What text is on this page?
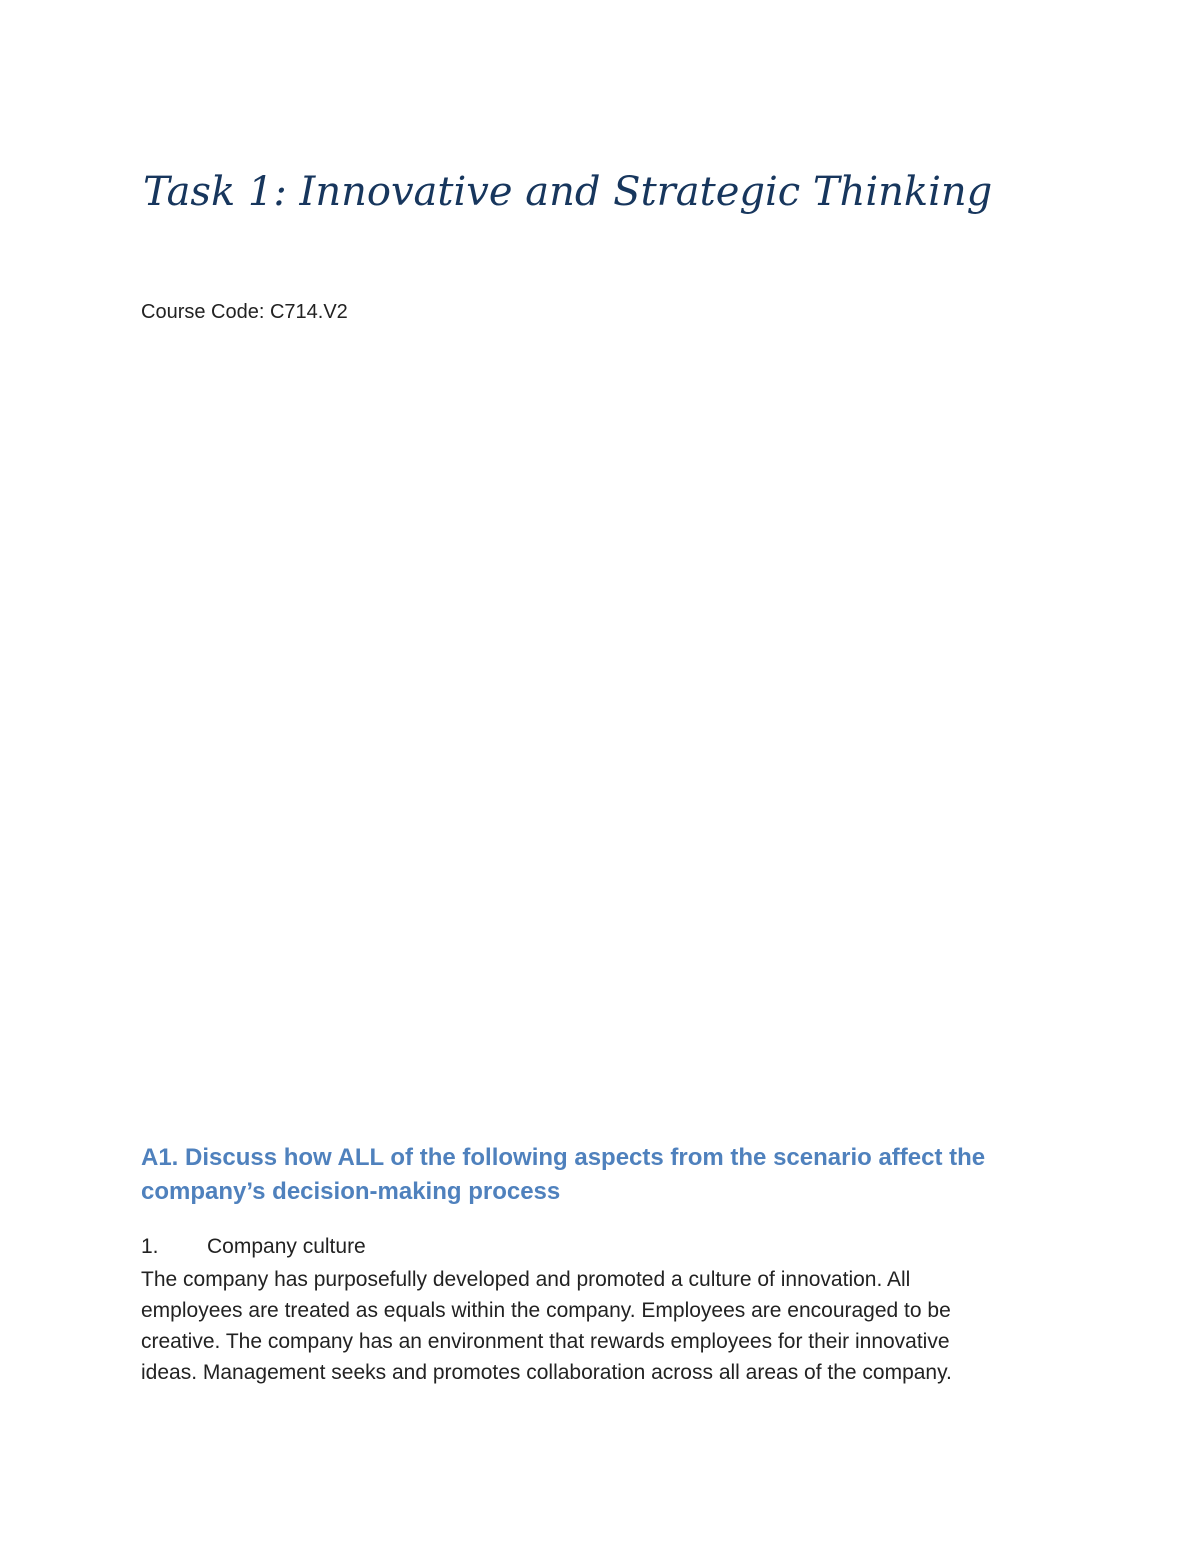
Task 1: Innovative and Strategic Thinking

Course Code: C714.V2

A1. Discuss how ALL of the following aspects from the scenario affect the company’s decision-making process

1. Company culture

The company has purposefully developed and promoted a culture of innovation. All
employees are treated as equals within the company. Employees are encouraged to be
creative. The company has an environment that rewards employees for their innovative
ideas. Management seeks and promotes collaboration across all areas of the company.
